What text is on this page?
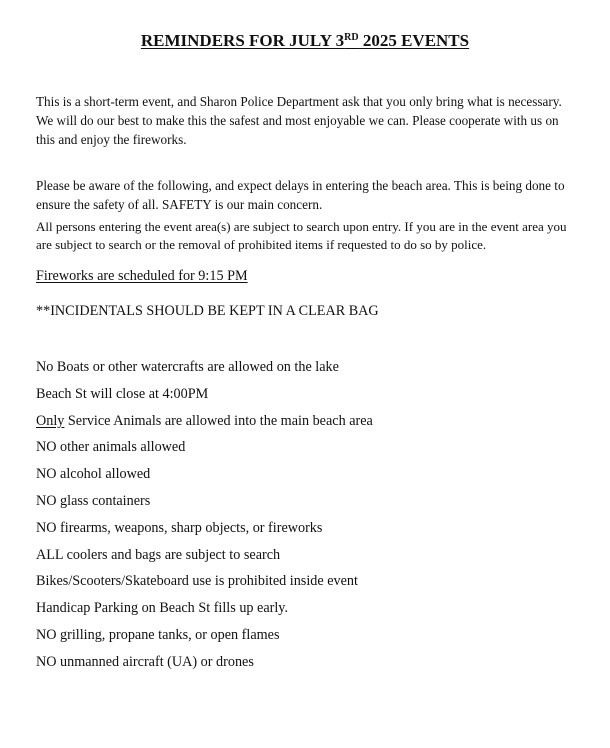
REMINDERS FOR JULY 3RD 2025 EVENTS

This is a short-term event, and Sharon Police Department ask that you only bring what is necessary. We will do our best to make this the safest and most enjoyable we can. Please cooperate with us on this and enjoy the fireworks.

Please be aware of the following, and expect delays in entering the beach area. This is being done to ensure the safety of all. SAFETY is our main concern.

All persons entering the event area(s) are subject to search upon entry. If you are in the event area you are subject to search or the removal of prohibited items if requested to do so by police.

Fireworks are scheduled for 9:15 PM
**INCIDENTALS SHOULD BE KEPT IN A CLEAR BAG
No Boats or other watercrafts are allowed on the lake
Beach St will close at 4:00PM
Only Service Animals are allowed into the main beach area
NO other animals allowed
NO alcohol allowed
NO glass containers
NO firearms, weapons, sharp objects, or fireworks
ALL coolers and bags are subject to search
Bikes/Scooters/Skateboard use is prohibited inside event
Handicap Parking on Beach St fills up early.
NO grilling, propane tanks, or open flames
NO unmanned aircraft (UA) or drones
